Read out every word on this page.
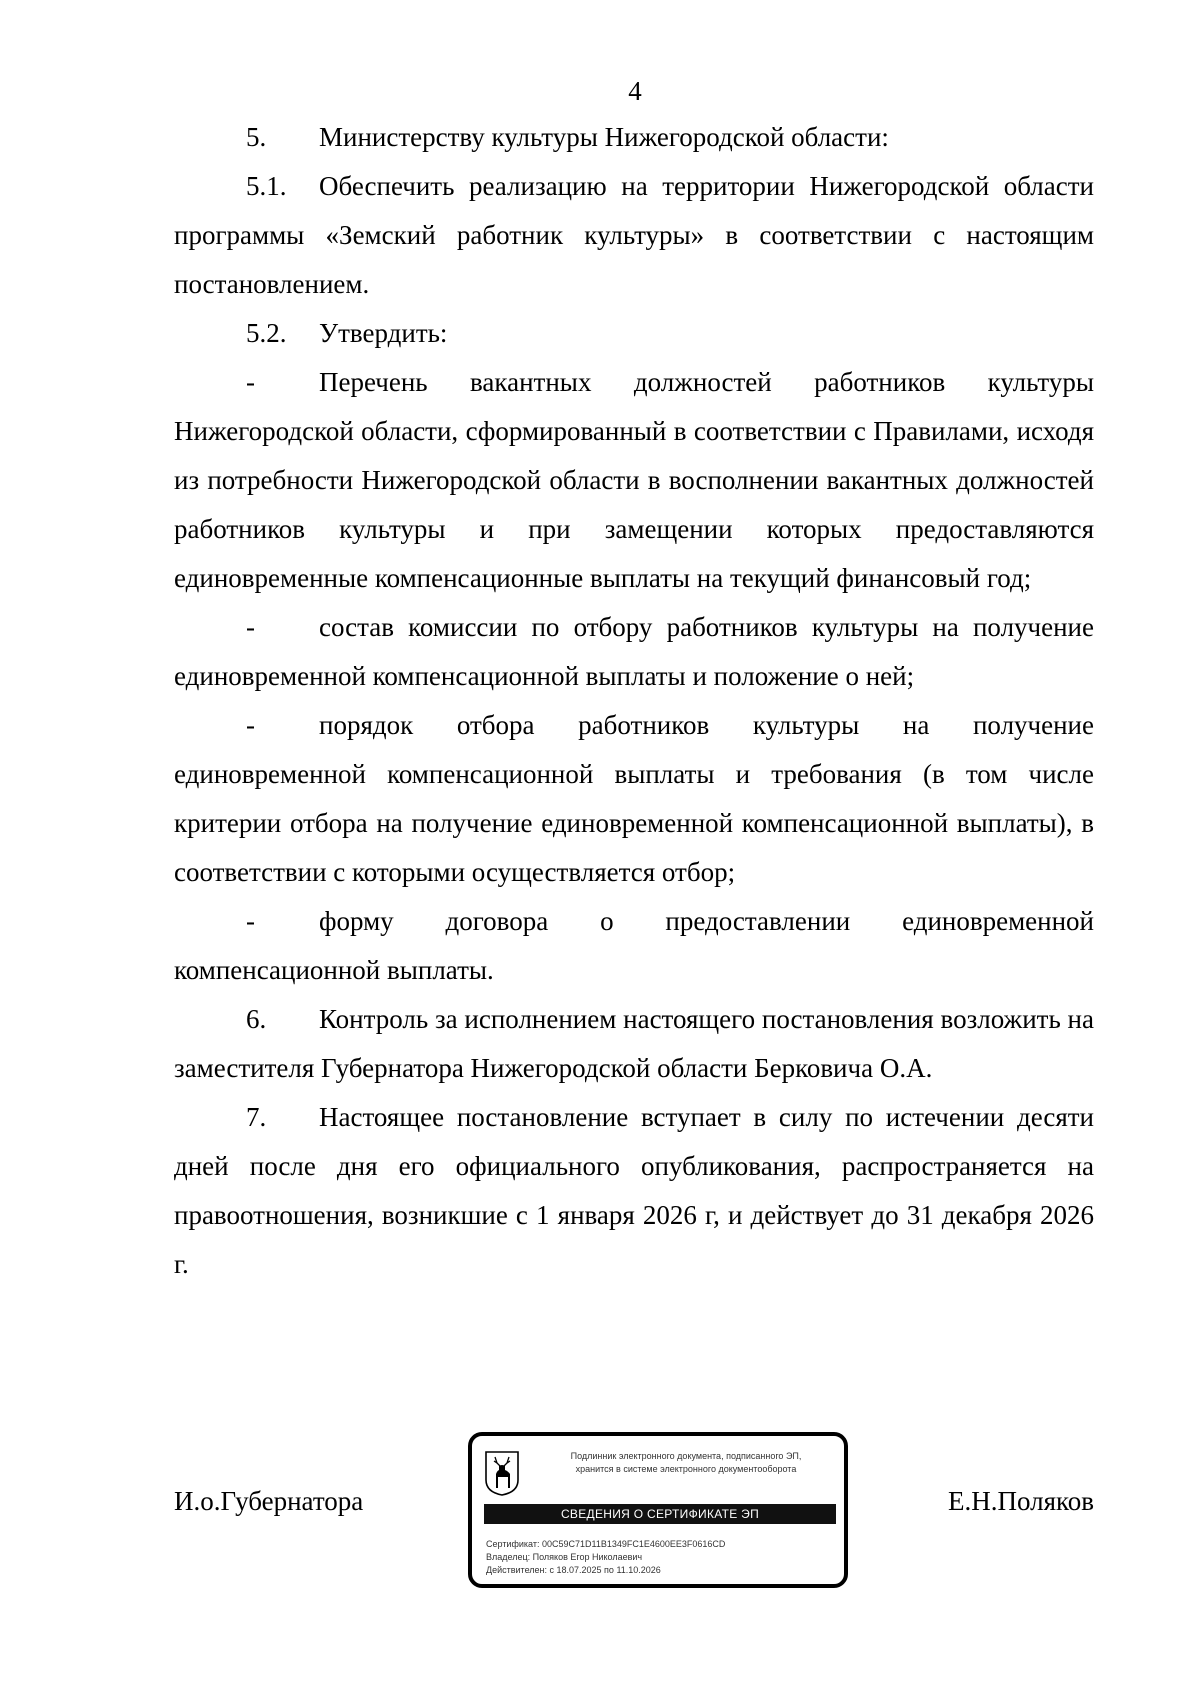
4

5. Министерству культуры Нижегородской области:

5.1. Обеспечить реализацию на территории Нижегородской области программы «Земский работник культуры» в соответствии с настоящим постановлением.

5.2. Утвердить:

- Перечень вакантных должностей работников культуры Нижегородской области, сформированный в соответствии с Правилами, исходя из потребности Нижегородской области в восполнении вакантных должностей работников культуры и при замещении которых предоставляются единовременные компенсационные выплаты на текущий финансовый год;

- состав комиссии по отбору работников культуры на получение единовременной компенсационной выплаты и положение о ней;

- порядок отбора работников культуры на получение единовременной компенсационной выплаты и требования (в том числе критерии отбора на получение единовременной компенсационной выплаты), в соответствии с которыми осуществляется отбор;

- форму договора о предоставлении единовременной компенсационной выплаты.

6. Контроль за исполнением настоящего постановления возложить на заместителя Губернатора Нижегородской области Берковича О.А.

7. Настоящее постановление вступает в силу по истечении десяти дней после дня его официального опубликования, распространяется на правоотношения, возникшие с 1 января 2026 г, и действует до 31 декабря 2026 г.

И.о.Губернатора	Е.Н.Поляков
Подлинник электронного документа, подписанного ЭП,
хранится в системе электронного документооборота
СВЕДЕНИЯ О СЕРТИФИКАТЕ ЭП
Сертификат: 00C59C71D11B1349FC1E4600EE3F0616CD
Владелец: Поляков Егор Николаевич
Действителен: с 18.07.2025 по 11.10.2026
